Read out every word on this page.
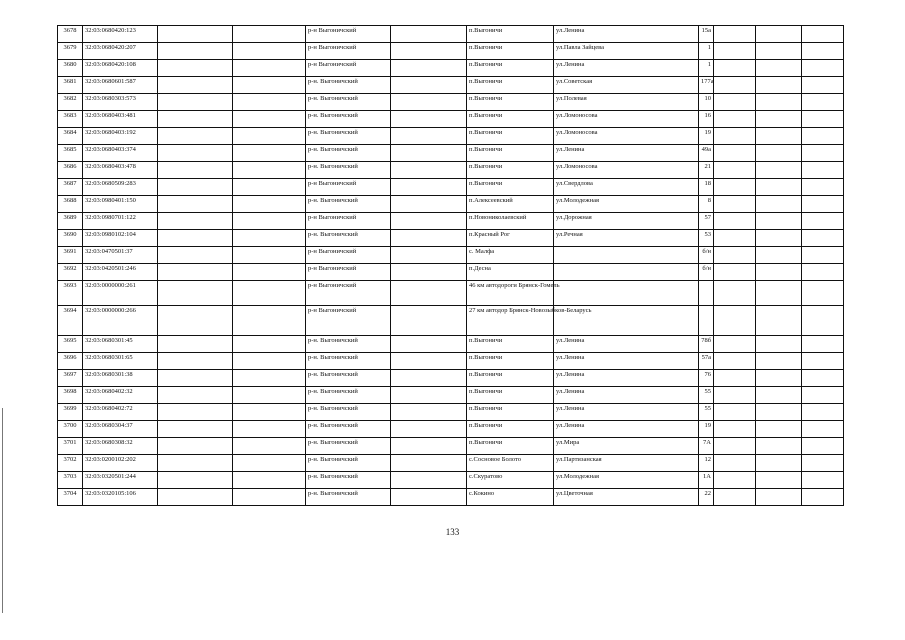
3678	32:03:0680420:123			р-н Выгоничский		п.Выгоничи	ул.Ленина	15а			
3679	32:03:0680420:207			р-н Выгоничский		п.Выгоничи	ул.Павла Зайцева	1			
3680	32:03:0680420:108			р-н Выгоничский		п.Выгоничи	ул.Ленина	1			
3681	32:03:0680601:587			р-н. Выгоничский		п.Выгоничи	ул.Советская	177а			
3682	32:03:0680303:573			р-н. Выгоничский		п.Выгоничи	ул.Полевая	10			
3683	32:03:0680403:481			р-н. Выгоничский		п.Выгоничи	ул.Ломоносова	16			
3684	32:03:0680403:192			р-н. Выгоничский		п.Выгоничи	ул.Ломоносова	19			
3685	32:03:0680403:374			р-н. Выгоничский		п.Выгоничи	ул.Ленина	49а			
3686	32:03:0680403:478			р-н. Выгоничский		п.Выгоничи	ул.Ломоносова	21			
3687	32:03:0680509:283			р-н Выгоничский		п.Выгоничи	ул.Свердлова	18			
3688	32:03:0980401:150			р-н. Выгоничский		п.Алексеевский	ул.Молодежная	8			
3689	32:03:0980701:122			р-н Выгоничский		п.Новониколаевский	ул.Дорожная	57			
3690	32:03:0980102:104			р-н. Выгоничский		п.Красный Рог	ул.Речная	53			
3691	32:03:0470501:37			р-н Выгоничский		с. Малфа		б/н			
3692	32:03:0420501:246			р-н Выгоничский		п.Десна		б/н			
3693	32:03:0000000:261			р-н Выгоничский		46 км автодороги Брянск-Гомель					
3694	32:03:0000000:266			р-н Выгоничский		27 км автодор Брянск-Новозыбков-Беларусь					
3695	32:03:0680301:45			р-н. Выгоничский		п.Выгоничи	ул.Ленина	78б			
3696	32:03:0680301:65			р-н. Выгоничский		п.Выгоничи	ул.Ленина	57а			
3697	32:03:0680301:38			р-н. Выгоничский		п.Выгоничи	ул.Ленина	76			
3698	32:03:0680402:32			р-н. Выгоничский		п.Выгоничи	ул.Ленина	55			
3699	32:03:0680402:72			р-н. Выгоничский		п.Выгоничи	ул.Ленина	55			
3700	32:03:0680304:37			р-н. Выгоничский		п.Выгоничи	ул.Ленина	19			
3701	32:03:0680308:32			р-н. Выгоничский		п.Выгоничи	ул.Мира	7А			
3702	32:03:0200102:202			р-н. Выгоничский		с.Сосновое Болото	ул.Партизанская	12			
3703	32:03:0320501:244			р-н. Выгоничский		с.Скуратово	ул.Молодежная	1А			
3704	32:03:0320105:106			р-н. Выгоничский		с.Кокино	ул.Цветочная	22			
133
